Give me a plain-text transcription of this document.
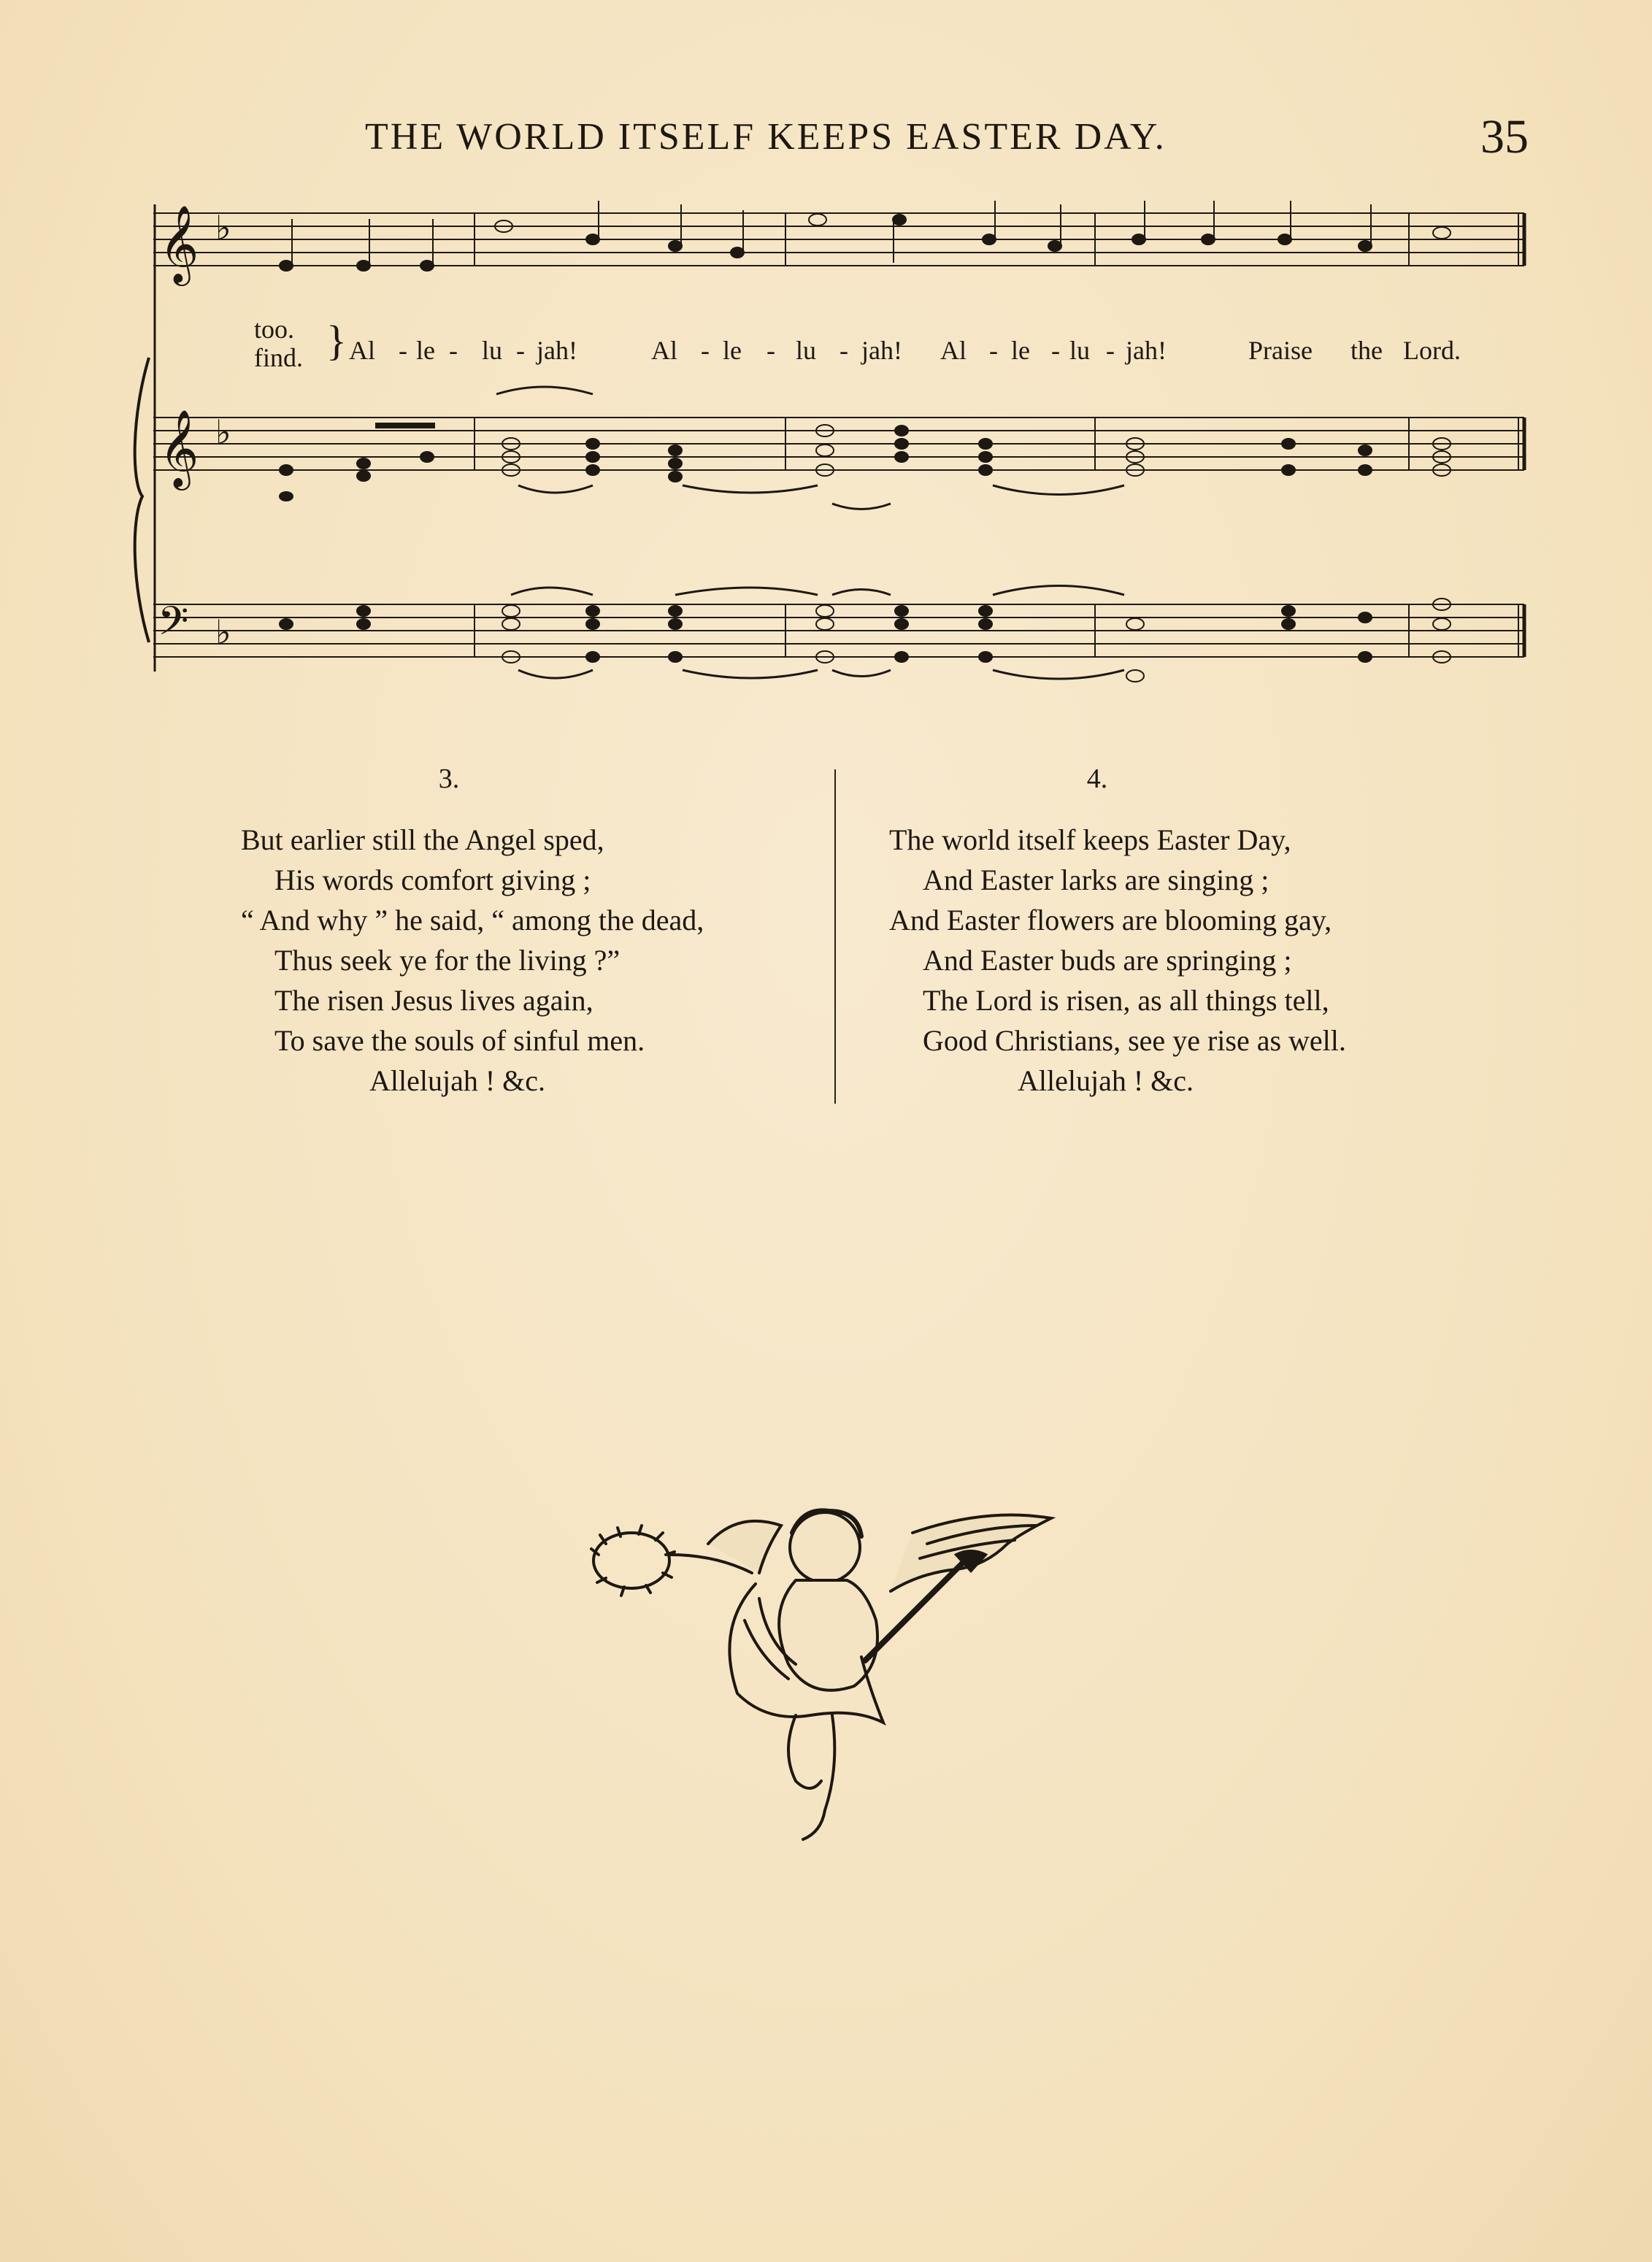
THE WORLD ITSELF KEEPS EASTER DAY.	35
𝄞
𝄞
𝄢
♭
♭
♭
too.
find. } Al - le - lu - jah!	Al - le - lu - jah! Al - le - lu - jah!	Praise the Lord.
3.
But earlier still the Angel sped,
His words comfort giving ;
“ And why ” he said, “ among the dead,
Thus seek ye for the living ?”
The risen Jesus lives again,
To save the souls of sinful men.
Allelujah ! &c.
4.
The world itself keeps Easter Day,
And Easter larks are singing ;
And Easter flowers are blooming gay,
And Easter buds are springing ;
The Lord is risen, as all things tell,
Good Christians, see ye rise as well.
Allelujah ! &c.
